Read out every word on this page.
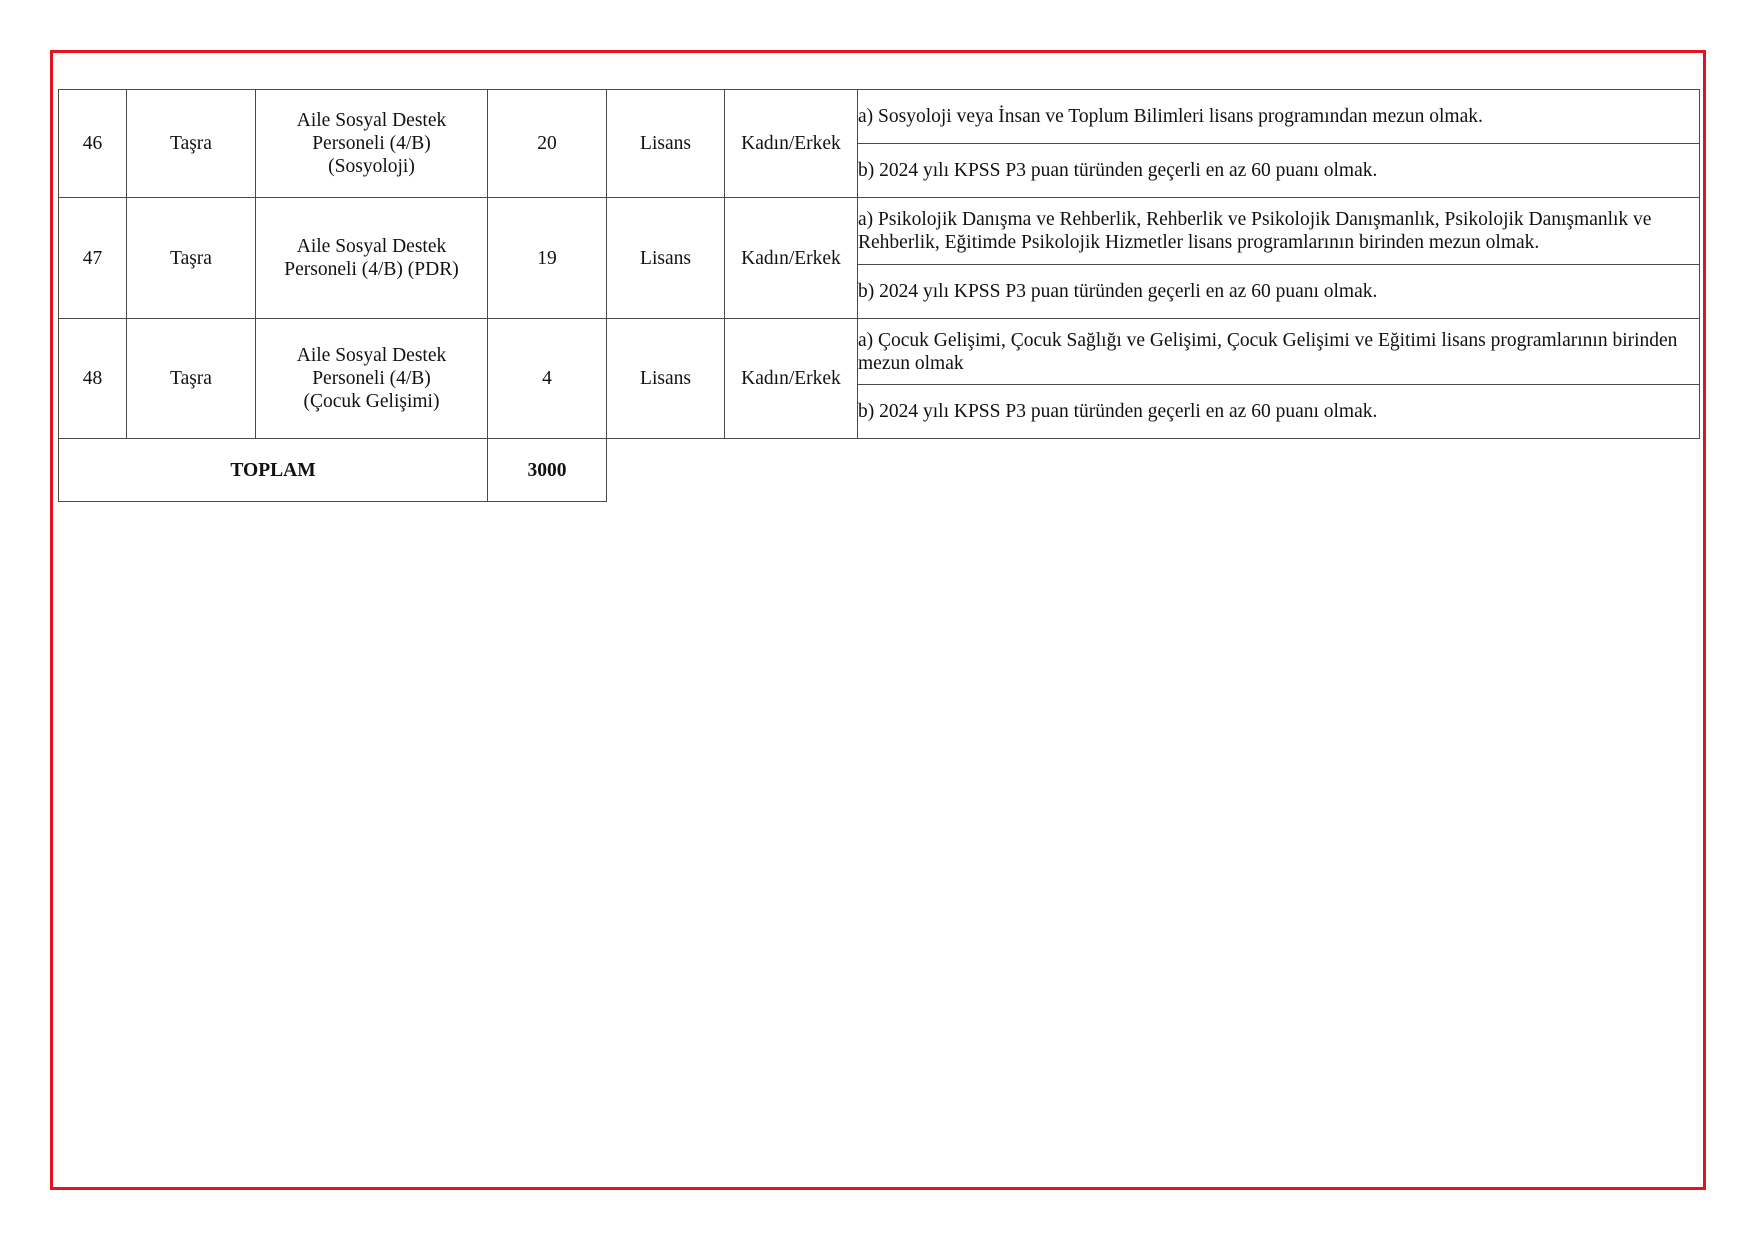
46	Taşra	Aile Sosyal Destek
Personeli (4/B)
(Sosyoloji)	20	Lisans	Kadın/Erkek	a) Sosyoloji veya İnsan ve Toplum Bilimleri lisans programından mezun olmak.
						b) 2024 yılı KPSS P3 puan türünden geçerli en az 60 puanı olmak.
47	Taşra	Aile Sosyal Destek
Personeli (4/B) (PDR)	19	Lisans	Kadın/Erkek	a) Psikolojik Danışma ve Rehberlik, Rehberlik ve Psikolojik Danışmanlık, Psikolojik Danışmanlık ve Rehberlik, Eğitimde Psikolojik Hizmetler lisans programlarının birinden mezun olmak.
						b) 2024 yılı KPSS P3 puan türünden geçerli en az 60 puanı olmak.
48	Taşra	Aile Sosyal Destek
Personeli (4/B)
(Çocuk Gelişimi)	4	Lisans	Kadın/Erkek	a) Çocuk Gelişimi, Çocuk Sağlığı ve Gelişimi, Çocuk Gelişimi ve Eğitimi lisans programlarının birinden mezun olmak
						b) 2024 yılı KPSS P3 puan türünden geçerli en az 60 puanı olmak.
TOPLAM			3000			
